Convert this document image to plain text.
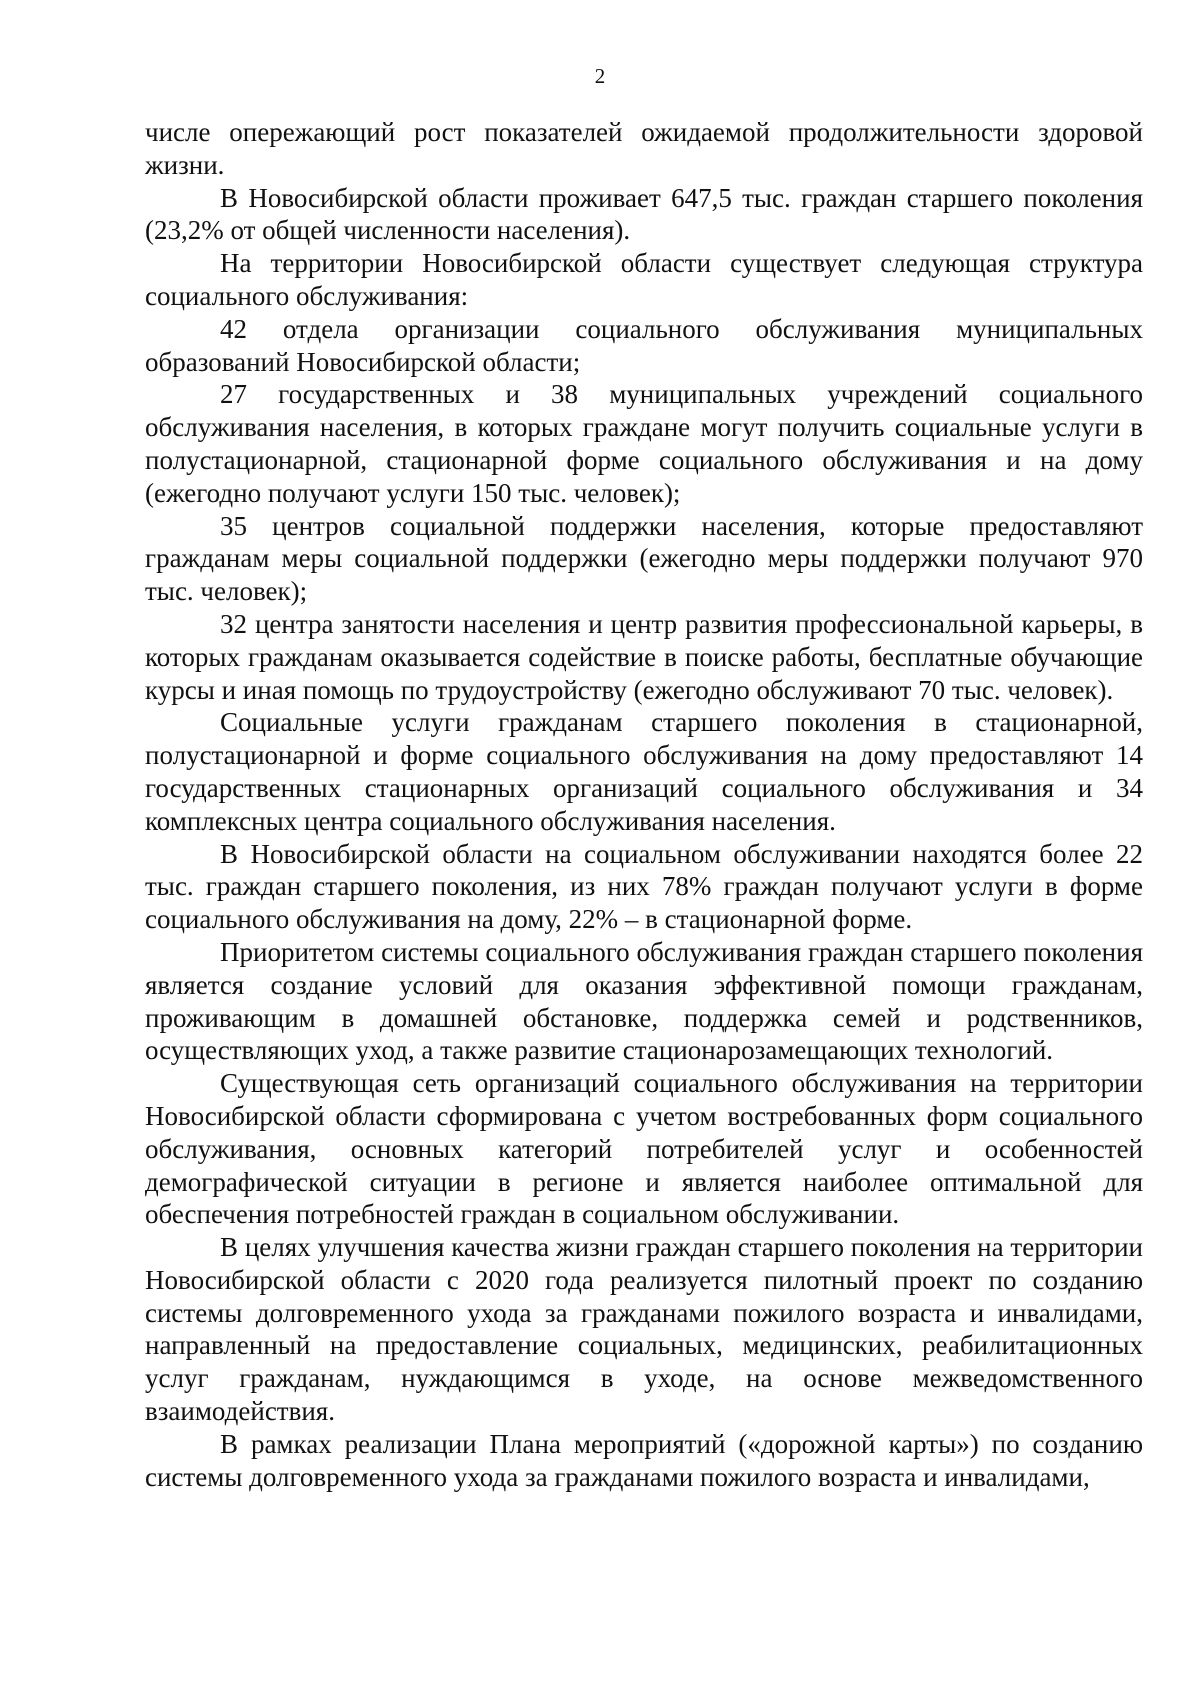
2

числе опережающий рост показателей ожидаемой продолжительности здоровой жизни.

В Новосибирской области проживает 647,5 тыс. граждан старшего поколения (23,2% от общей численности населения).

На территории Новосибирской области существует следующая структура социального обслуживания:

42 отдела организации социального обслуживания муниципальных образований Новосибирской области;

27 государственных и 38 муниципальных учреждений социального обслуживания населения, в которых граждане могут получить социальные услуги в полустационарной, стационарной форме социального обслуживания и на дому (ежегодно получают услуги 150 тыс. человек);

35 центров социальной поддержки населения, которые предоставляют гражданам меры социальной поддержки (ежегодно меры поддержки получают 970 тыс. человек);

32 центра занятости населения и центр развития профессиональной карьеры, в которых гражданам оказывается содействие в поиске работы, бесплатные обучающие курсы и иная помощь по трудоустройству (ежегодно обслуживают 70 тыс. человек).

Социальные услуги гражданам старшего поколения в стационарной, полустационарной и форме социального обслуживания на дому предоставляют 14 государственных стационарных организаций социального обслуживания и 34 комплексных центра социального обслуживания населения.

В Новосибирской области на социальном обслуживании находятся более 22 тыс. граждан старшего поколения, из них 78% граждан получают услуги в форме социального обслуживания на дому, 22% – в стационарной форме.

Приоритетом системы социального обслуживания граждан старшего поколения является создание условий для оказания эффективной помощи гражданам, проживающим в домашней обстановке, поддержка семей и родственников, осуществляющих уход, а также развитие стационарозамещающих технологий.

Существующая сеть организаций социального обслуживания на территории Новосибирской области сформирована с учетом востребованных форм социального обслуживания, основных категорий потребителей услуг и особенностей демографической ситуации в регионе и является наиболее оптимальной для обеспечения потребностей граждан в социальном обслуживании.

В целях улучшения качества жизни граждан старшего поколения на территории Новосибирской области с 2020 года реализуется пилотный проект по созданию системы долговременного ухода за гражданами пожилого возраста и инвалидами, направленный на предоставление социальных, медицинских, реабилитационных услуг гражданам, нуждающимся в уходе, на основе межведомственного взаимодействия.

В рамках реализации Плана мероприятий («дорожной карты») по созданию системы долговременного ухода за гражданами пожилого возраста и инвалидами,
